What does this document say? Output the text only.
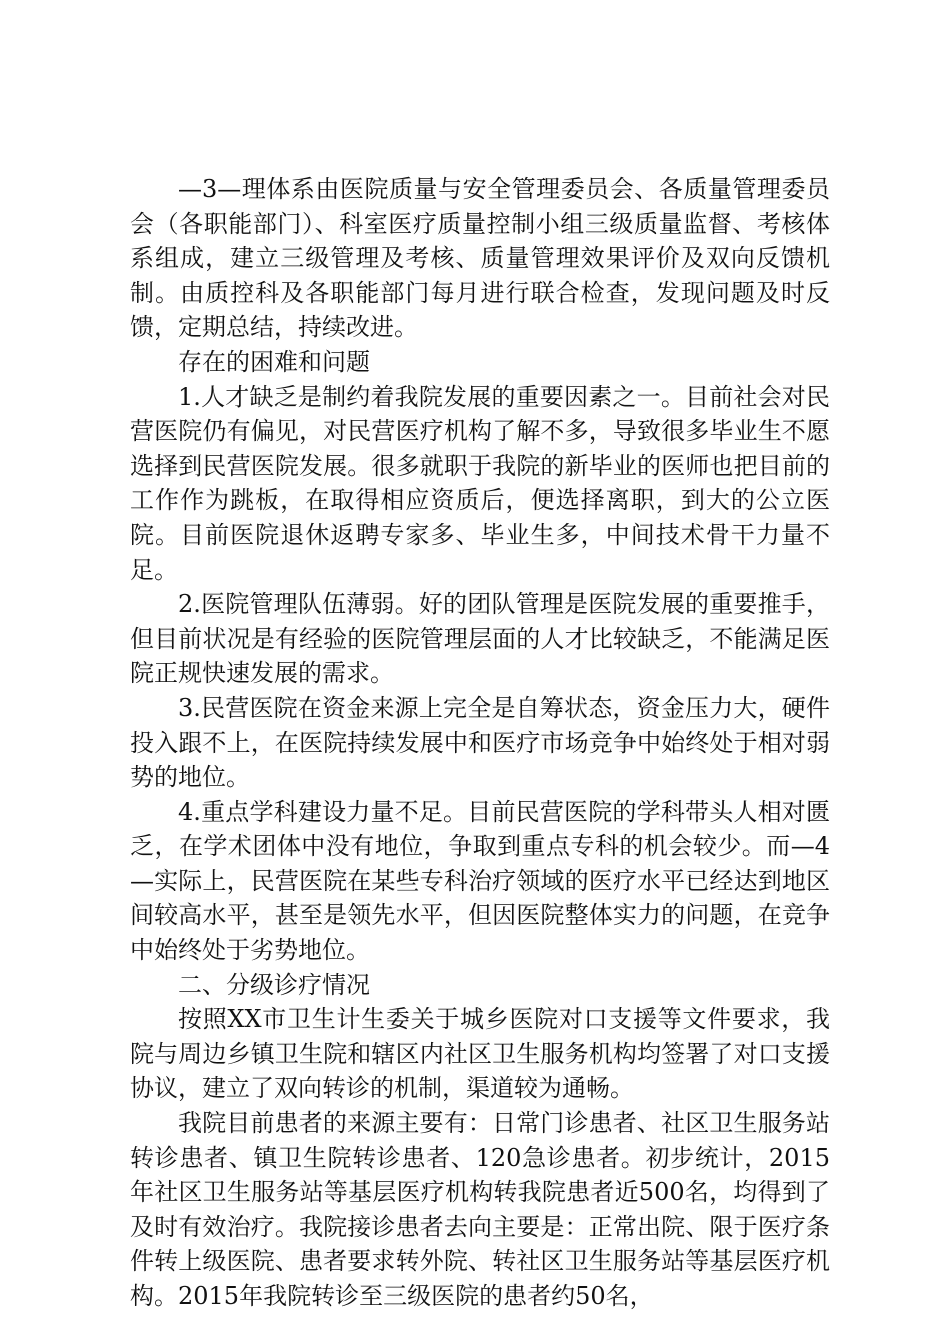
—3—理体系由医院质量与安全管理委员会、各质量管理委员会（各职能部门）、科室医疗质量控制小组三级质量监督、考核体系组成，建立三级管理及考核、质量管理效果评价及双向反馈机制。由质控科及各职能部门每月进行联合检查，发现问题及时反馈，定期总结，持续改进。

存在的困难和问题

1.人才缺乏是制约着我院发展的重要因素之一。目前社会对民营医院仍有偏见，对民营医疗机构了解不多，导致很多毕业生不愿选择到民营医院发展。很多就职于我院的新毕业的医师也把目前的工作作为跳板，在取得相应资质后，便选择离职，到大的公立医院。目前医院退休返聘专家多、毕业生多，中间技术骨干力量不足。

2.医院管理队伍薄弱。好的团队管理是医院发展的重要推手，但目前状况是有经验的医院管理层面的人才比较缺乏，不能满足医院正规快速发展的需求。

3.民营医院在资金来源上完全是自筹状态，资金压力大，硬件投入跟不上，在医院持续发展中和医疗市场竞争中始终处于相对弱势的地位。

4.重点学科建设力量不足。目前民营医院的学科带头人相对匮乏，在学术团体中没有地位，争取到重点专科的机会较少。而—4—实际上，民营医院在某些专科治疗领域的医疗水平已经达到地区间较高水平，甚至是领先水平，但因医院整体实力的问题，在竞争中始终处于劣势地位。

二、分级诊疗情况

按照XX市卫生计生委关于城乡医院对口支援等文件要求，我院与周边乡镇卫生院和辖区内社区卫生服务机构均签署了对口支援协议，建立了双向转诊的机制，渠道较为通畅。

我院目前患者的来源主要有：日常门诊患者、社区卫生服务站转诊患者、镇卫生院转诊患者、120急诊患者。初步统计，2015年社区卫生服务站等基层医疗机构转我院患者近500名，均得到了及时有效治疗。我院接诊患者去向主要是：正常出院、限于医疗条件转上级医院、患者要求转外院、转社区卫生服务站等基层医疗机构。2015年我院转诊至三级医院的患者约50名，
